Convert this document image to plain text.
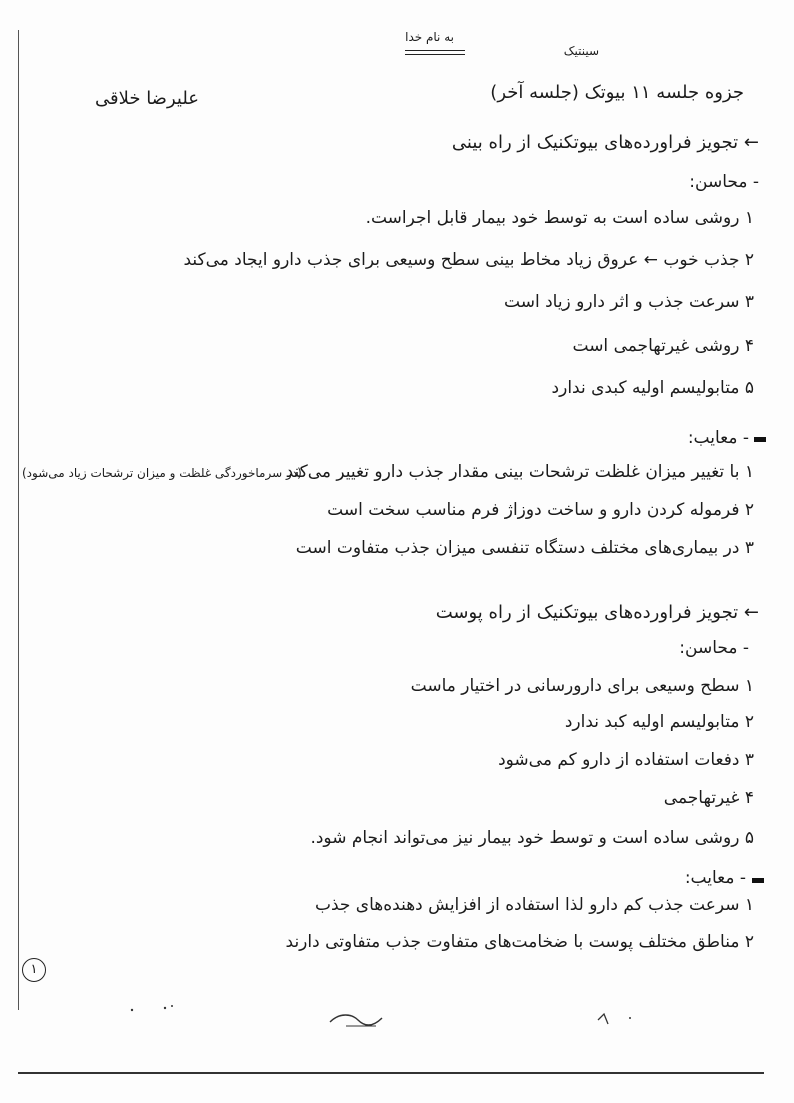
به نام خدا
سینتیک
جزوه جلسه ۱۱ بیوتک (جلسه آخر)
علیرضا خلاقی
← تجویز فراورده‌های بیوتکنیک از راه بینی
- محاسن:
۱ روشی ساده است به توسط خود بیمار قابل اجراست.
۲ جذب خوب ← عروق زیاد مخاط بینی سطح وسیعی برای جذب دارو ایجاد می‌کند
۳ سرعت جذب و اثر دارو زیاد است
۴ روشی غیرتهاجمی است
۵ متابولیسم اولیه کبدی ندارد
- معایب:
۱ با تغییر میزان غلظت ترشحات بینی مقدار جذب دارو تغییر می‌کند
(در سرماخوردگی غلظت و میزان ترشحات زیاد می‌شود)
۲ فرموله کردن دارو و ساخت دوزاژ فرم مناسب سخت است
۳ در بیماری‌های مختلف دستگاه تنفسی میزان جذب متفاوت است
← تجویز فراورده‌های بیوتکنیک از راه پوست
- محاسن:
۱ سطح وسیعی برای دارورسانی در اختیار ماست
۲ متابولیسم اولیه کبد ندارد
۳ دفعات استفاده از دارو کم می‌شود
۴ غیرتهاجمی
۵ روشی ساده است و توسط خود بیمار نیز می‌تواند انجام شود.
- معایب:
۱ سرعت جذب کم دارو لذا استفاده از افزایش دهنده‌های جذب
۲ مناطق مختلف پوست با ضخامت‌های متفاوت جذب متفاوتی دارند
۱
